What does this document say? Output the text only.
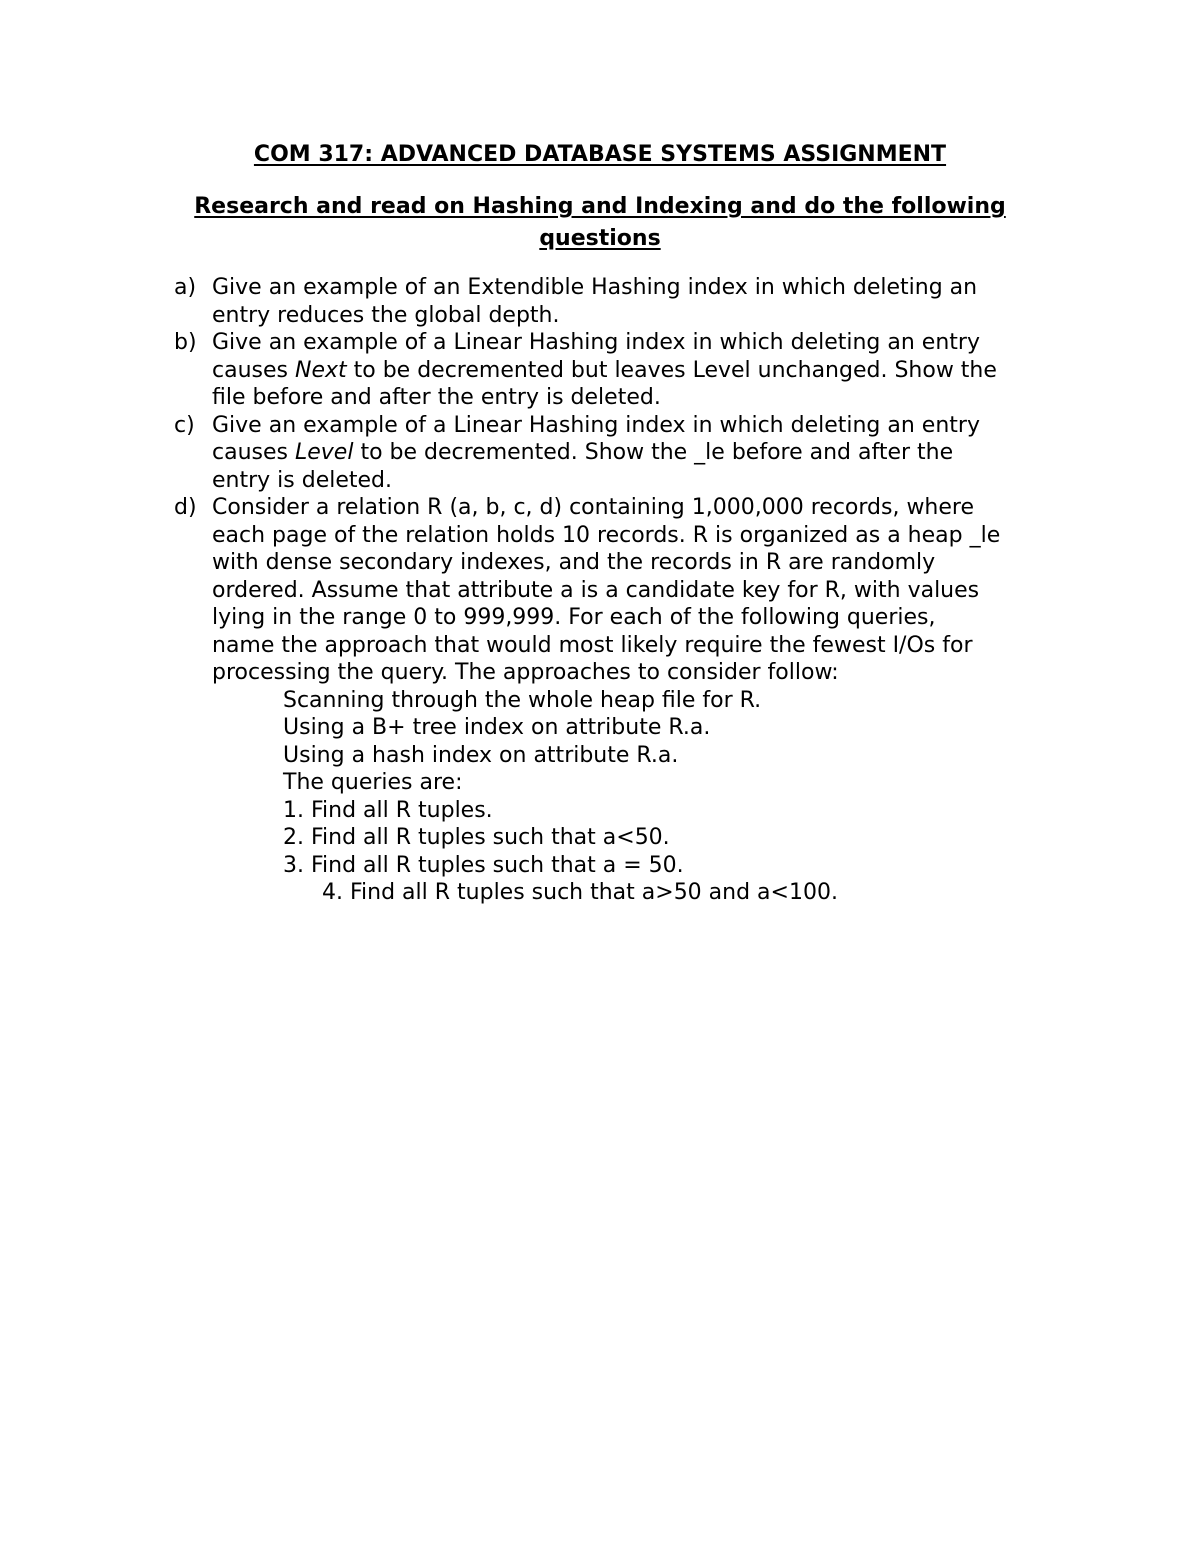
COM 317: ADVANCED DATABASE SYSTEMS ASSIGNMENT
Research and read on Hashing and Indexing and do the following questions
a) Give an example of an Extendible Hashing index in which deleting an
entry reduces the global depth.
b) Give an example of a Linear Hashing index in which deleting an entry
causes Next to be decremented but leaves Level unchanged. Show the
file before and after the entry is deleted.
c) Give an example of a Linear Hashing index in which deleting an entry
causes Level to be decremented. Show the _le before and after the
entry is deleted.
d) Consider a relation R (a, b, c, d) containing 1,000,000 records, where
each page of the relation holds 10 records. R is organized as a heap _le
with dense secondary indexes, and the records in R are randomly
ordered. Assume that attribute a is a candidate key for R, with values
lying in the range 0 to 999,999. For each of the following queries,
name the approach that would most likely require the fewest I/Os for
processing the query. The approaches to consider follow:
Scanning through the whole heap file for R.
Using a B+ tree index on attribute R.a.
Using a hash index on attribute R.a.
The queries are:
1. Find all R tuples.
2. Find all R tuples such that a<50.
3. Find all R tuples such that a = 50.
4. Find all R tuples such that a>50 and a<100.
